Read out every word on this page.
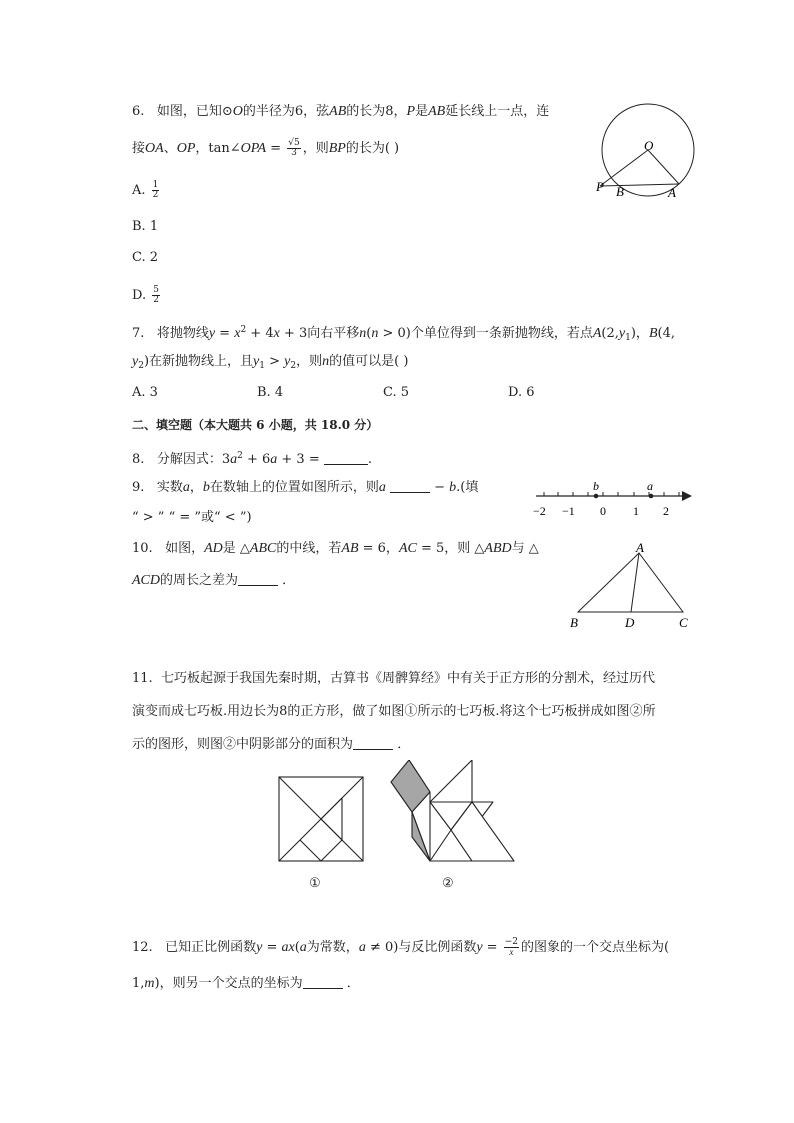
6. 如图，已知⊙O的半径为6，弦AB的长为8，P是AB延长线上一点，连
接OA、OP，tan∠OPA = $\frac{√5}{3}$ ，则BP的长为( )
A. $\frac{1}{2}$
B. 1
C. 2
D. $\frac{5}{2}$
O
P B	A
7. 将抛物线$y = x^2 + 4x + 3$向右平移n(n > 0)个单位得到一条新抛物线，若点$A(2,y_1)$，B(4,
$y_2$)在新抛物线上，且$y_1 > y_2$，则n的值可以是( )
A. 3	B. 4	C. 5	D. 6
二、填空题（本大题共 6 小题，共 18.0 分）
8. 分解因式：$3a^2 + 6a + 3$ =	.
9. 实数a，b在数轴上的位置如图所示，则a	− b.(填
“ > ” “ = ”或“ < ”)
b	a
−2 −1 0 1 2
10. 如图，AD是 △ABC的中线，若AB = 6，AC = 5，则 △ABD与 △
ACD的周长之差为	．
A
B	D	C
11. 七巧板起源于我国先秦时期，古算书《周髀算经》中有关于正方形的分割术，经过历代
演变而成七巧板.用边长为8的正方形，做了如图①所示的七巧板.将这个七巧板拼成如图②所
示的图形，则图②中阴影部分的面积为	．
①	②
12. 已知正比例函数y = ax(a为常数，a ≠ 0)与反比例函数$y = \frac{-2}{x}$ 的图象的一个交点坐标为(
1,m)，则另一个交点的坐标为	．
